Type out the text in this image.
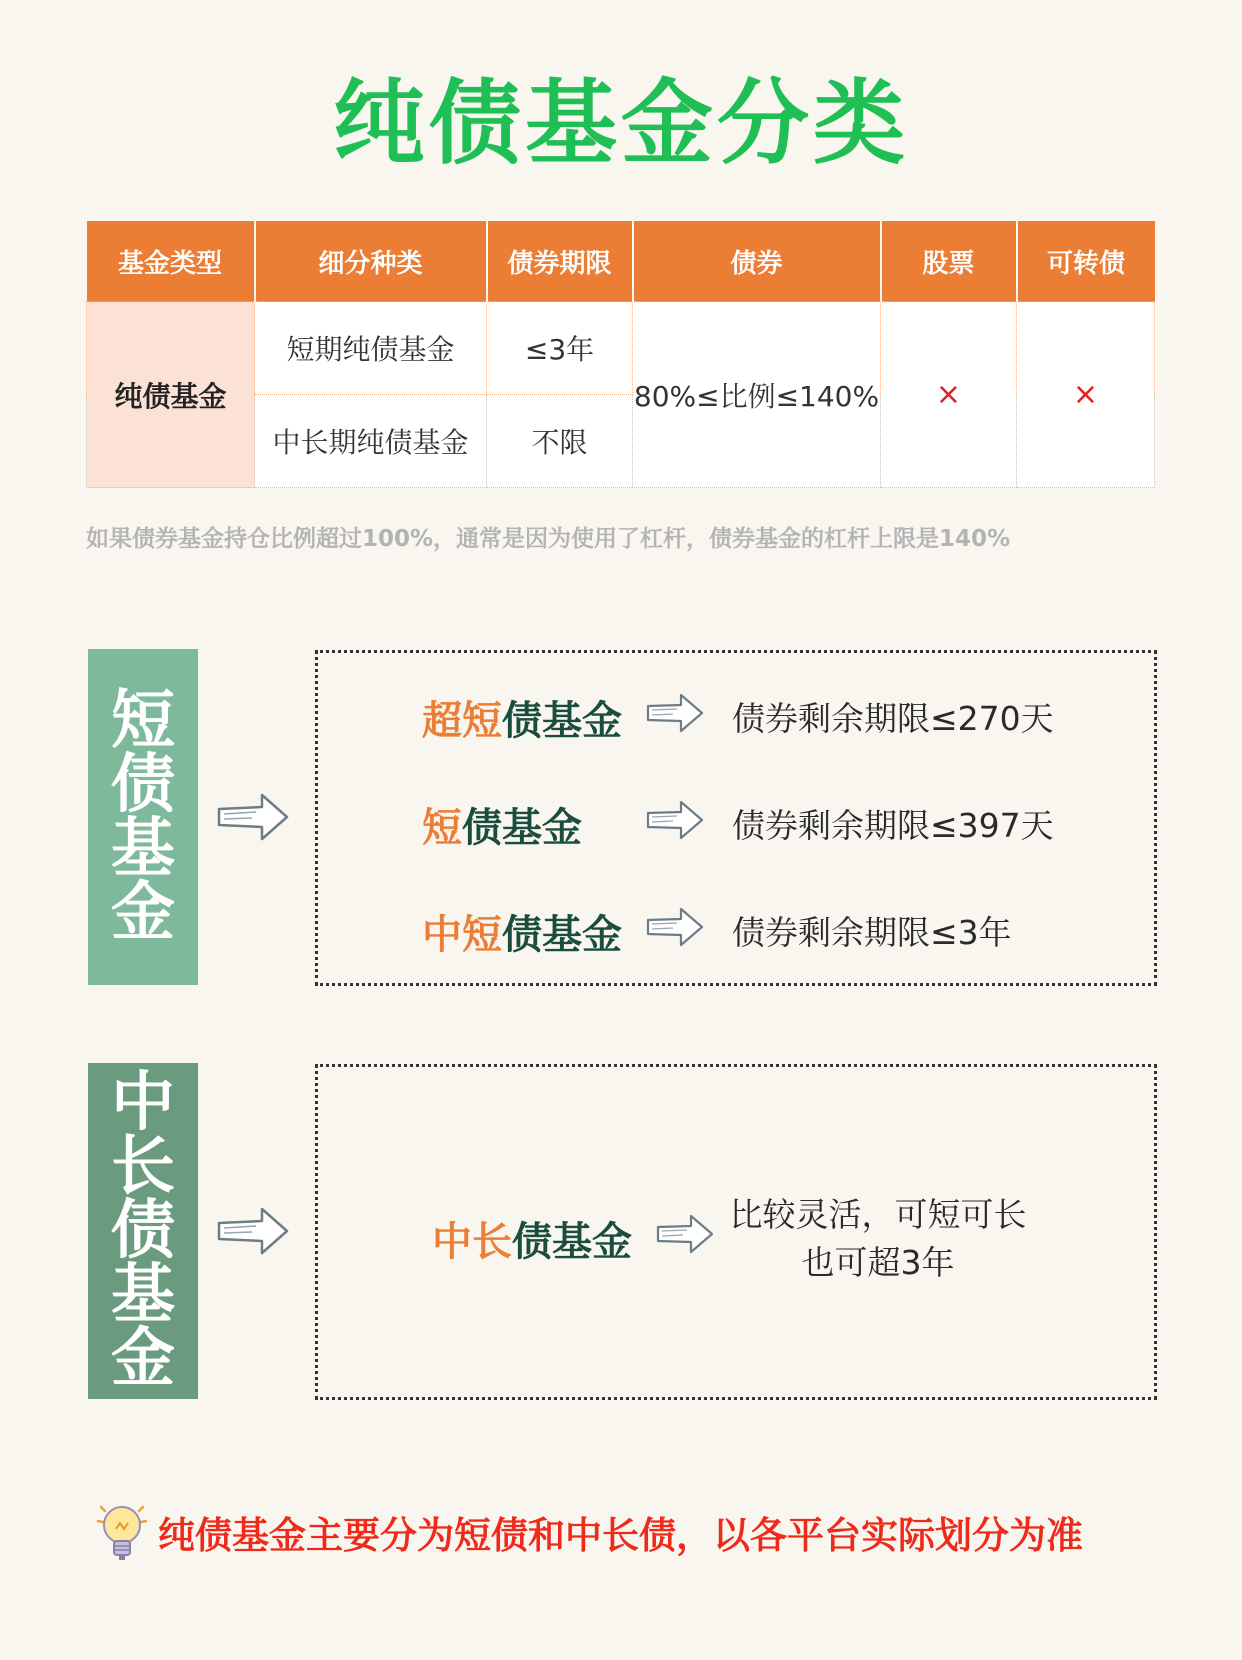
纯债基金分类
基金类型	细分种类	债券期限	债券	股票	可转债
纯债基金	短期纯债基金	≤3年	80%≤比例≤140%	×	×
	中长期纯债基金	不限			
如果债券基金持仓比例超过100%，通常是因为使用了杠杆，债券基金的杠杆上限是140%
短
债
基
金
超短债基金	债券剩余期限≤270天
短债基金	债券剩余期限≤397天
中短债基金	债券剩余期限≤3年
中
长
债
基
金
中长债基金
比较灵活，可短可长
也可超3年
纯债基金主要分为短债和中长债，以各平台实际划分为准
